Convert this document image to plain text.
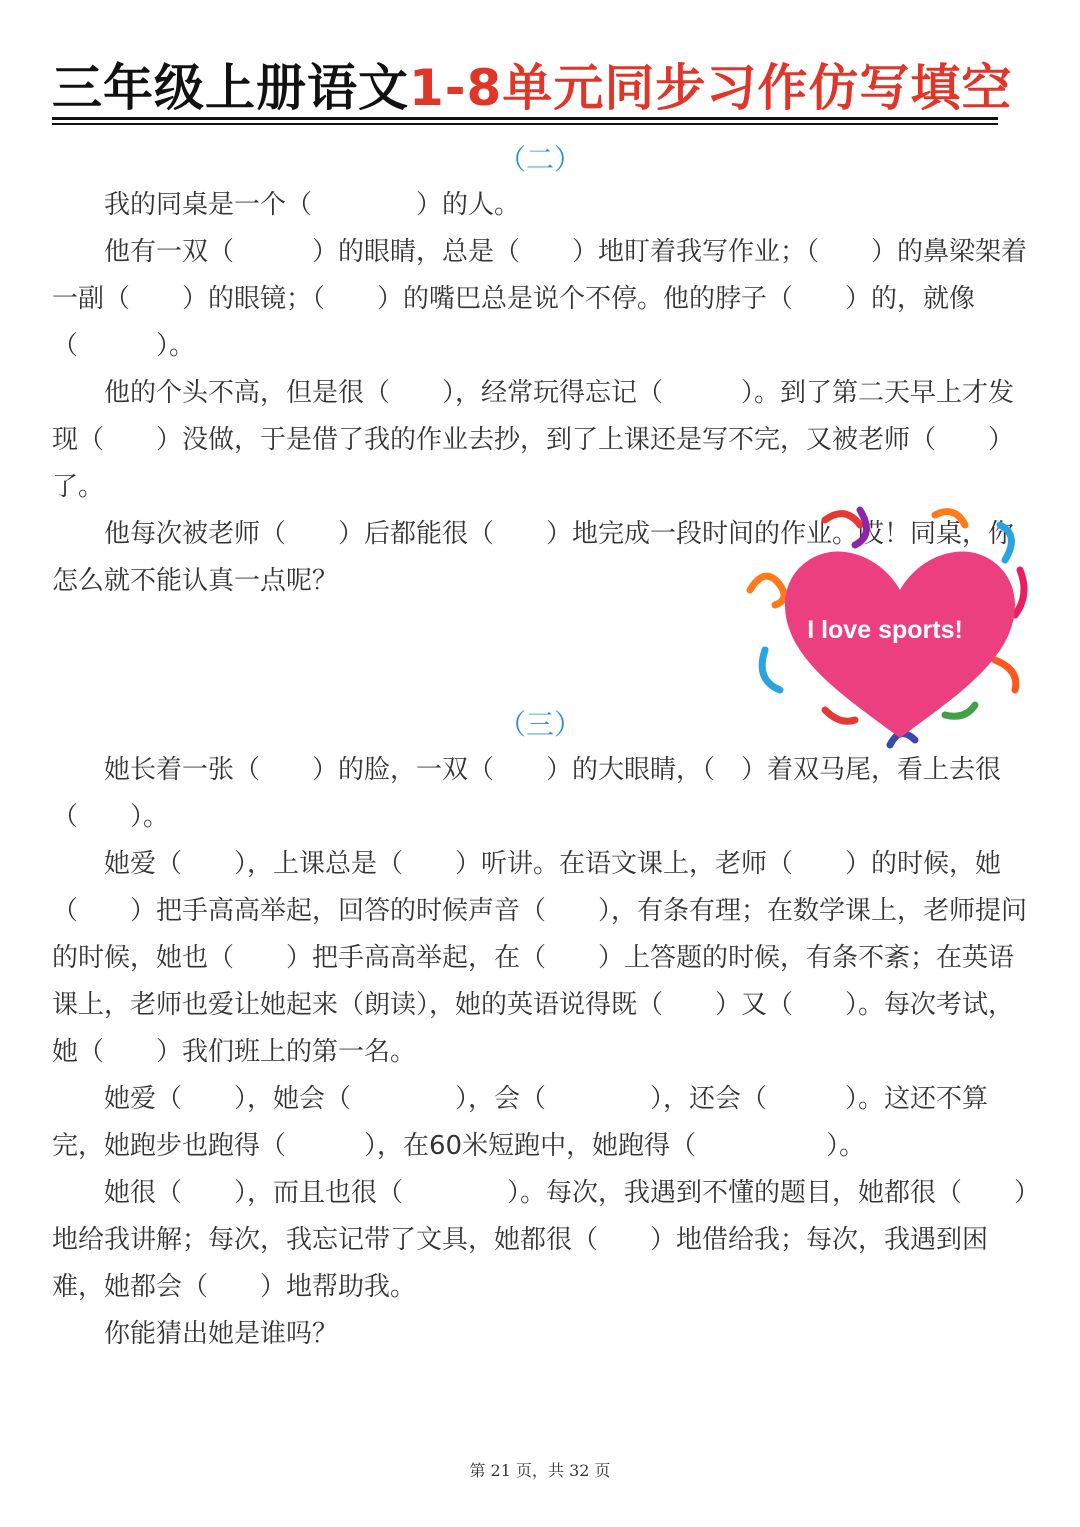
三年级上册语文1-8单元同步习作仿写填空
（二）

　　我的同桌是一个（　　　　）的人。

　　他有一双（　　　）的眼睛，总是（　　）地盯着我写作业；（　　）的鼻梁架着一副（　　）的眼镜；（　　）的嘴巴总是说个不停。他的脖子（　　）的，就像（　　　）。

　　他的个头不高，但是很（　　），经常玩得忘记（　　　）。到了第二天早上才发现（　　）没做，于是借了我的作业去抄，到了上课还是写不完，又被老师（　　）了。

　　他每次被老师（　　）后都能很（　　）地完成一段时间的作业。哎！同桌，你怎么就不能认真一点呢？

（三）

　　她长着一张（　　）的脸，一双（　　）的大眼睛，（　）着双马尾，看上去很（　　）。

　　她爱（　　），上课总是（　　）听讲。在语文课上，老师（　　）的时候，她（　　）把手高高举起，回答的时候声音（　　），有条有理；在数学课上，老师提问的时候，她也（　　）把手高高举起，在（　　）上答题的时候，有条不紊；在英语课上，老师也爱让她起来（朗读），她的英语说得既（　　）又（　　）。每次考试，她（　　）我们班上的第一名。

　　她爱（　　），她会（　　　　），会（　　　　），还会（　　　）。这还不算完，她跑步也跑得（　　　），在60米短跑中，她跑得（　　　　　）。

　　她很（　　），而且也很（　　　　）。每次，我遇到不懂的题目，她都很（　　）地给我讲解；每次，我忘记带了文具，她都很（　　）地借给我；每次，我遇到困难，她都会（　　）地帮助我。

　　你能猜出她是谁吗？

I love sports!
第 21 页，共 32 页
